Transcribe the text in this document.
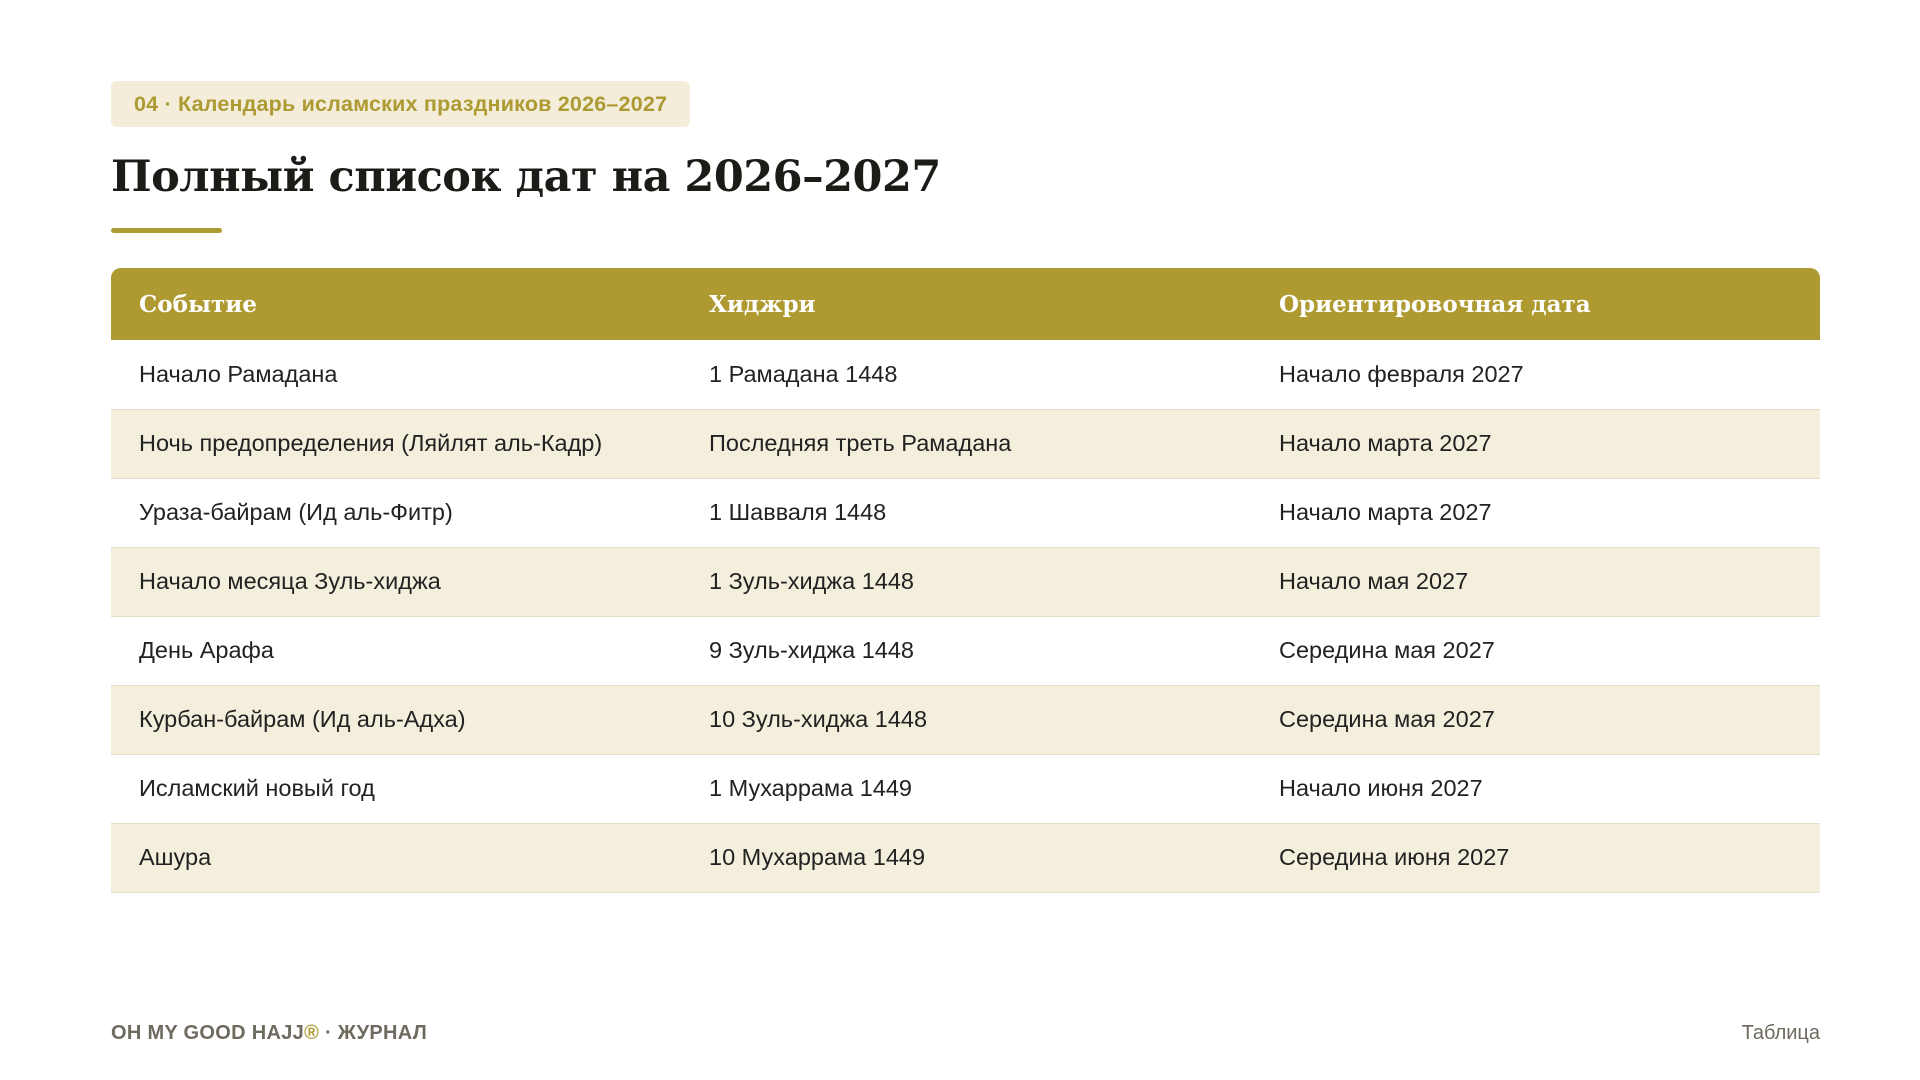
04 · Календарь исламских праздников 2026–2027
Полный список дат на 2026–2027
Событие	Хиджри	Ориентировочная дата
Начало Рамадана	1 Рамадана 1448	Начало февраля 2027
Ночь предопределения (Ляйлят аль-Кадр)	Последняя треть Рамадана	Начало марта 2027
Ураза-байрам (Ид аль-Фитр)	1 Шавваля 1448	Начало марта 2027
Начало месяца Зуль-хиджа	1 Зуль-хиджа 1448	Начало мая 2027
День Арафа	9 Зуль-хиджа 1448	Середина мая 2027
Курбан-байрам (Ид аль-Адха)	10 Зуль-хиджа 1448	Середина мая 2027
Исламский новый год	1 Мухаррама 1449	Начало июня 2027
Ашура	10 Мухаррама 1449	Середина июня 2027
OH MY GOOD HAJJ® · ЖУРНАЛ	Таблица
